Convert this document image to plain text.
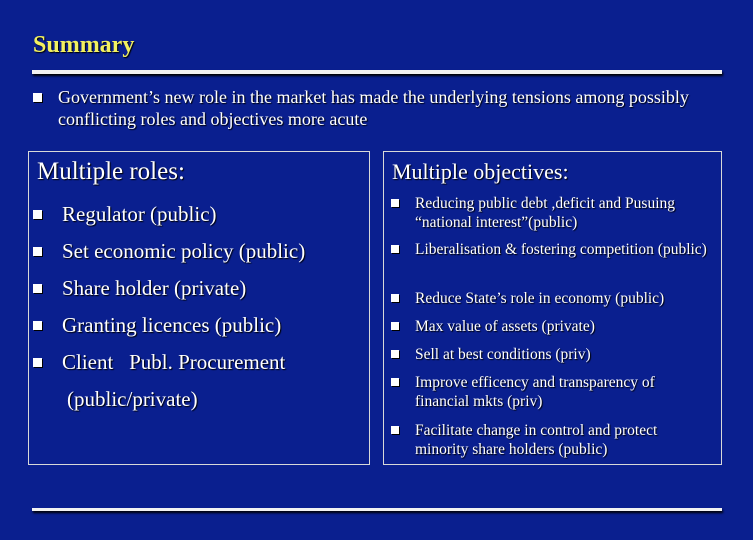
Summary
Government’s new role in the market has made the underlying tensions among possibly conflicting roles and objectives more acute
Multiple roles:
Regulator (public)
Set economic policy (public)
Share holder (private)
Granting licences (public)
Client   Publ. Procurement
(public/private)
Multiple objectives:
Reducing public debt ,deficit and Pusuing “national interest”(public)
Liberalisation & fostering competition (public)
Reduce State’s role in economy (public)
Max value of assets (private)
Sell at best conditions (priv)
Improve efficency and transparency of financial mkts (priv)
Facilitate change in control and protect minority share holders (public)
